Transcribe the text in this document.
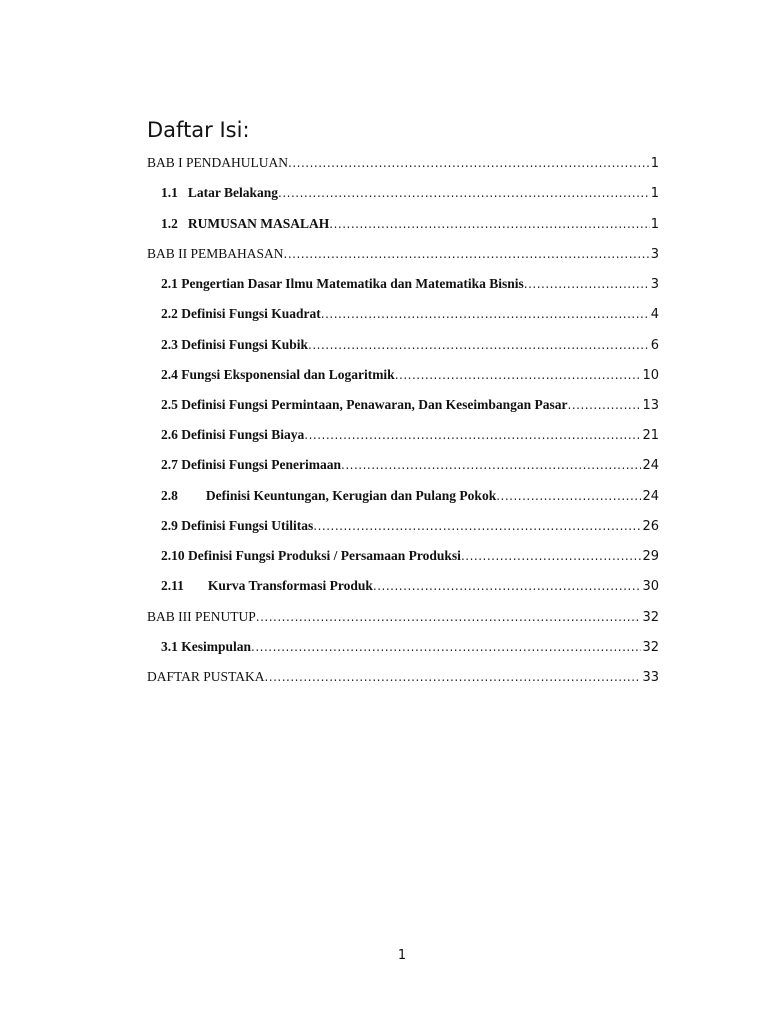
Daftar Isi:
BAB I PENDAHULUAN .....	1
1.1 Latar Belakang .....	1
1.2 RUMUSAN MASALAH .....	1
BAB II PEMBAHASAN .....	3
2.1 Pengertian Dasar Ilmu Matematika dan Matematika Bisnis .....	3
2.2 Definisi Fungsi Kuadrat .....	4
2.3 Definisi Fungsi Kubik .....	6
2.4 Fungsi Eksponensial dan Logaritmik .....	10
2.5 Definisi Fungsi Permintaan, Penawaran, Dan Keseimbangan Pasar .....	13
2.6 Definisi Fungsi Biaya .....	21
2.7 Definisi Fungsi Penerimaan .....	24
2.8 Definisi Keuntungan, Kerugian dan Pulang Pokok .....	24
2.9 Definisi Fungsi Utilitas .....	26
2.10 Definisi Fungsi Produksi / Persamaan Produksi .....	29
2.11 Kurva Transformasi Produk .....	30
BAB III PENUTUP .....	32
3.1 Kesimpulan .....	32
DAFTAR PUSTAKA .....	33
1
